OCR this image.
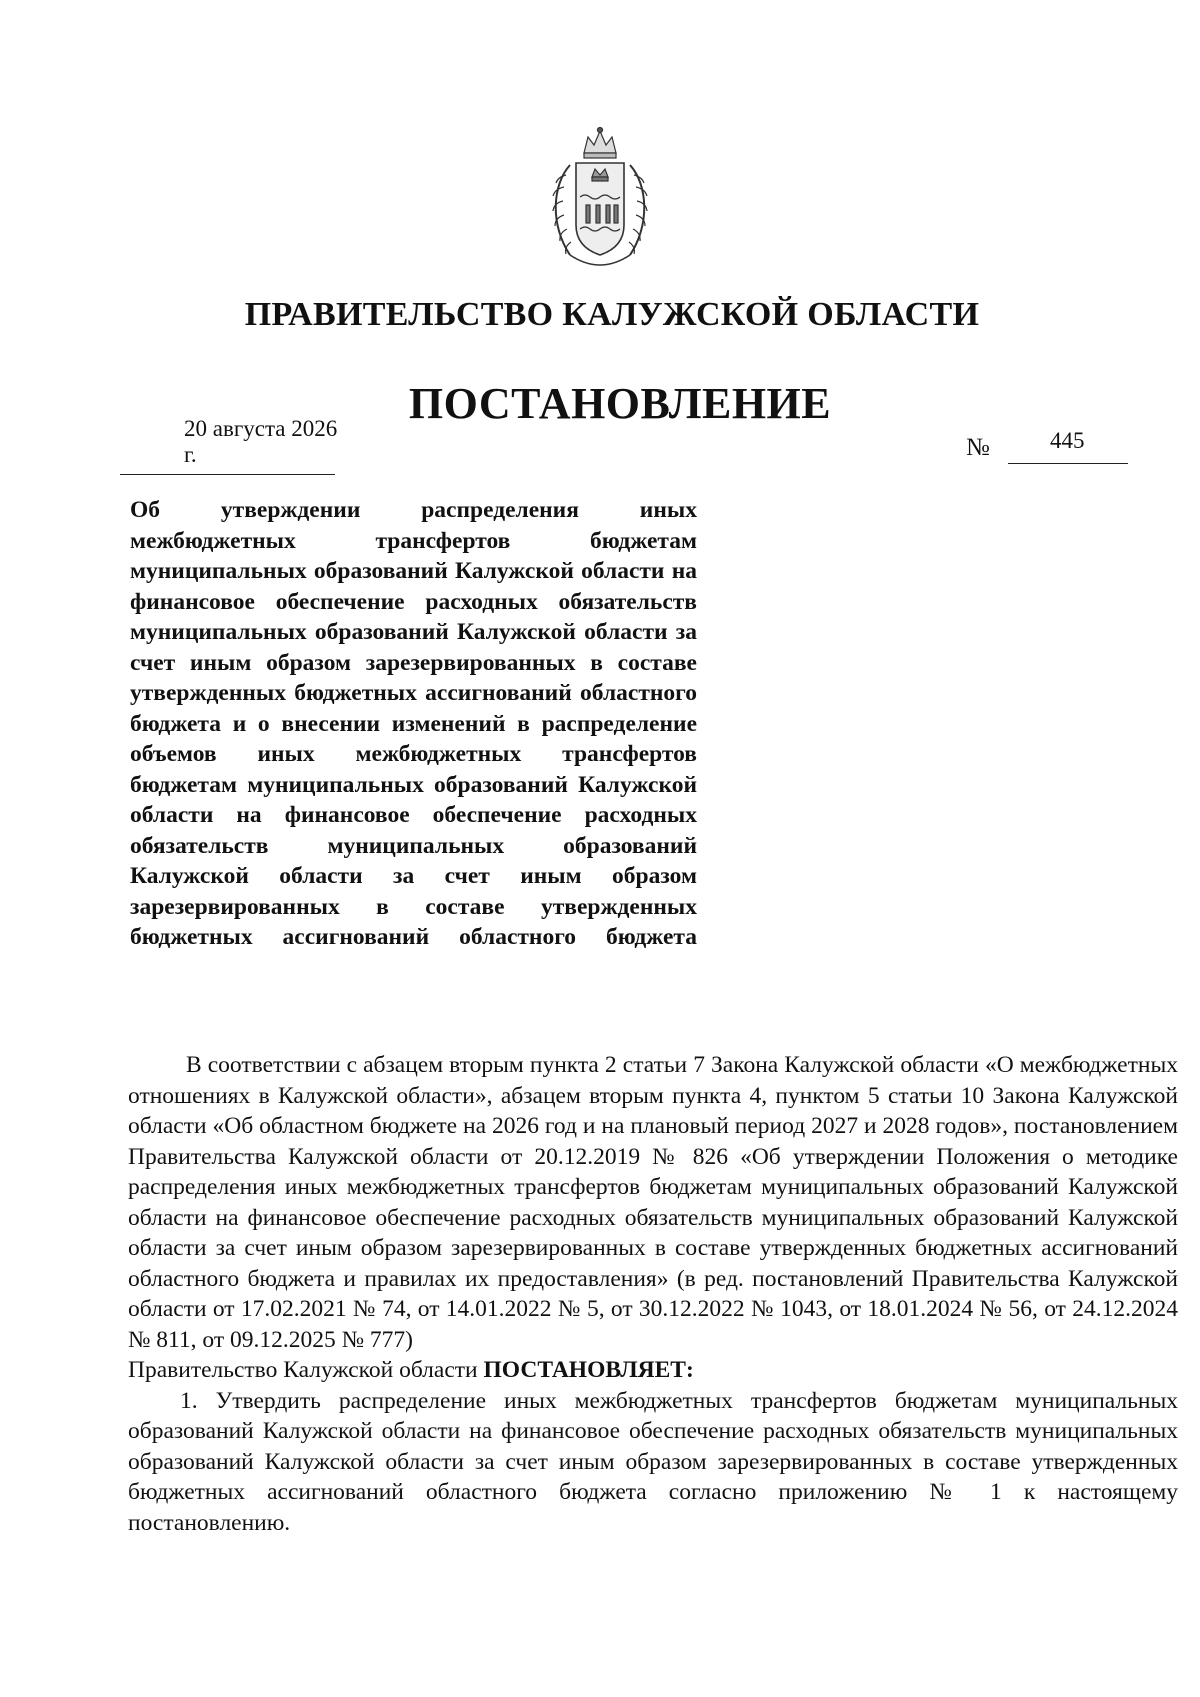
ПРАВИТЕЛЬСТВО КАЛУЖСКОЙ ОБЛАСТИ
ПОСТАНОВЛЕНИЕ
20 августа 2026 г.	№	445
Об утверждении распределения иных межбюджетных трансфертов бюджетам муниципальных образований Калужской области на финансовое обеспечение расходных обязательств муниципальных образований Калужской области за счет иным образом зарезервированных в составе утвержденных бюджетных ассигнований областного бюджета и о внесении изменений в распределение объемов иных межбюджетных трансфертов бюджетам муниципальных образований Калужской области на финансовое обеспечение расходных обязательств муниципальных образований Калужской области за счет иным образом зарезервированных в составе утвержденных бюджетных ассигнований областного бюджета

В соответствии с абзацем вторым пункта 2 статьи 7 Закона Калужской области «О межбюджетных отношениях в Калужской области», абзацем вторым пункта 4, пунктом 5 статьи 10 Закона Калужской области «Об областном бюджете на 2026 год и на плановый период 2027 и 2028 годов», постановлением Правительства Калужской области от 20.12.2019 № 826 «Об утверждении Положения о методике распределения иных межбюджетных трансфертов бюджетам муниципальных образований Калужской области на финансовое обеспечение расходных обязательств муниципальных образований Калужской области за счет иным образом зарезервированных в составе утвержденных бюджетных ассигнований областного бюджета и правилах их предоставления» (в ред. постановлений Правительства Калужской области от 17.02.2021 № 74, от 14.01.2022 № 5, от 30.12.2022 № 1043, от 18.01.2024 № 56, от 24.12.2024 № 811, от 09.12.2025 № 777)

Правительство Калужской области ПОСТАНОВЛЯЕТ:

1. Утвердить распределение иных межбюджетных трансфертов бюджетам муниципальных образований Калужской области на финансовое обеспечение расходных обязательств муниципальных образований Калужской области за счет иным образом зарезервированных в составе утвержденных бюджетных ассигнований областного бюджета согласно приложению № 1 к настоящему постановлению.
